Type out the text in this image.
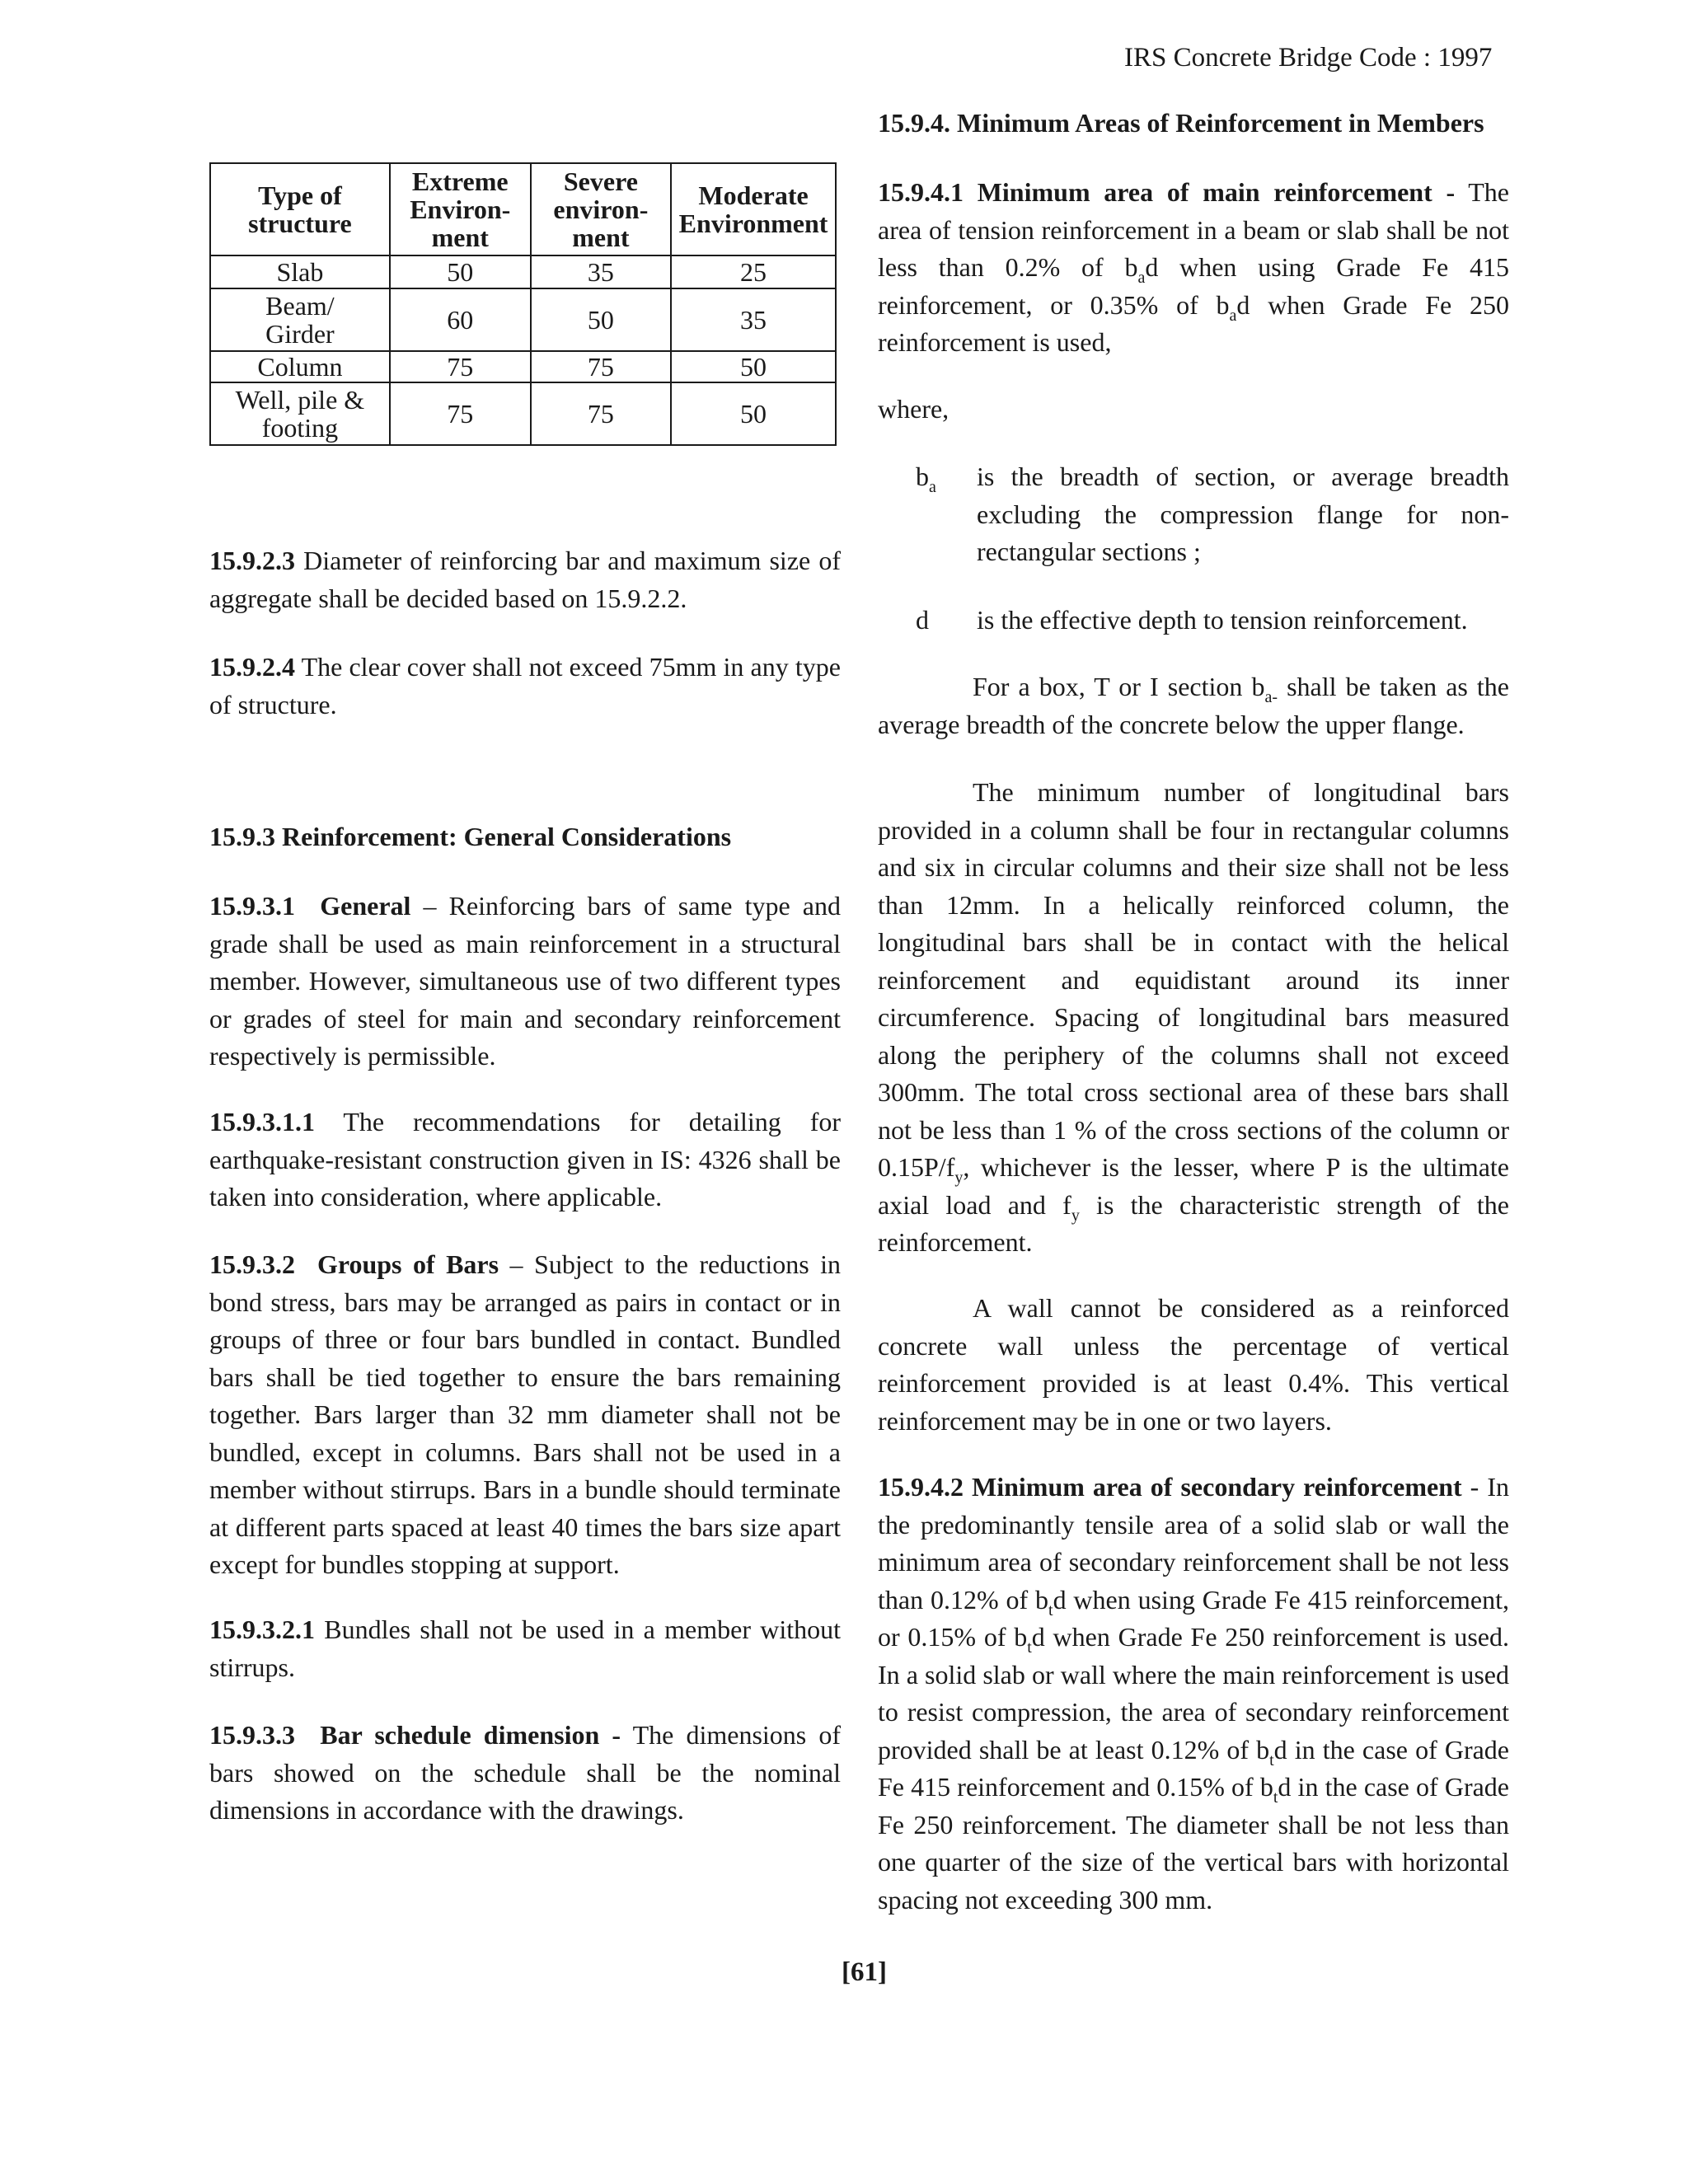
IRS Concrete Bridge Code : 1997
Type of structure	Extreme Environ- ment	Severe environ- ment	Moderate Environment
Slab	50	35	25
Beam/ Girder	60	50	35
Column	75	75	50
Well, pile & footing	75	75	50

15.9.2.3 Diameter of reinforcing bar and maximum size of aggregate shall be decided based on 15.9.2.2.

15.9.2.4 The clear cover shall not exceed 75mm in any type of structure.

15.9.3 Reinforcement: General Considerations

15.9.3.1 General – Reinforcing bars of same type and grade shall be used as main reinforcement in a structural member. However, simultaneous use of two different types or grades of steel for main and secondary reinforcement respectively is permissible.

15.9.3.1.1 The recommendations for detailing for earthquake-resistant construction given in IS: 4326 shall be taken into consideration, where applicable.

15.9.3.2 Groups of Bars – Subject to the reductions in bond stress, bars may be arranged as pairs in contact or in groups of three or four bars bundled in contact. Bundled bars shall be tied together to ensure the bars remaining together. Bars larger than 32 mm diameter shall not be bundled, except in columns. Bars shall not be used in a member without stirrups. Bars in a bundle should terminate at different parts spaced at least 40 times the bars size apart except for bundles stopping at support.

15.9.3.2.1 Bundles shall not be used in a member without stirrups.

15.9.3.3 Bar schedule dimension - The dimensions of bars showed on the schedule shall be the nominal dimensions in accordance with the drawings.

15.9.4. Minimum Areas of Reinforcement in Members

15.9.4.1 Minimum area of main reinforcement - The area of tension reinforcement in a beam or slab shall be not less than 0.2% of $b_ad$ when using Grade Fe 415 reinforcement, or 0.35% of $b_ad$ when Grade Fe 250 reinforcement is used,

where,

$b_a$ is the breadth of section, or average breadth excluding the compression flange for non-rectangular sections ;

d is the effective depth to tension reinforcement.

For a box, T or I section $b_{a-}$ shall be taken as the average breadth of the concrete below the upper flange.

The minimum number of longitudinal bars provided in a column shall be four in rectangular columns and six in circular columns and their size shall not be less than 12mm. In a helically reinforced column, the longitudinal bars shall be in contact with the helical reinforcement and equidistant around its inner circumference. Spacing of longitudinal bars measured along the periphery of the columns shall not exceed 300mm. The total cross sectional area of these bars shall not be less than 1 % of the cross sections of the column or $0.15P/f_y$, whichever is the lesser, where P is the ultimate axial load and $f_y$ is the characteristic strength of the reinforcement.

A wall cannot be considered as a reinforced concrete wall unless the percentage of vertical reinforcement provided is at least 0.4%. This vertical reinforcement may be in one or two layers.

15.9.4.2 Minimum area of secondary reinforcement - In the predominantly tensile area of a solid slab or wall the minimum area of secondary reinforcement shall be not less than 0.12% of $b_td$ when using Grade Fe 415 reinforcement, or 0.15% of $b_td$ when Grade Fe 250 reinforcement is used. In a solid slab or wall where the main reinforcement is used to resist compression, the area of secondary reinforcement provided shall be at least 0.12% of $b_td$ in the case of Grade Fe 415 reinforcement and 0.15% of $b_td$ in the case of Grade Fe 250 reinforcement. The diameter shall be not less than one quarter of the size of the vertical bars with horizontal spacing not exceeding 300 mm.

[61]
